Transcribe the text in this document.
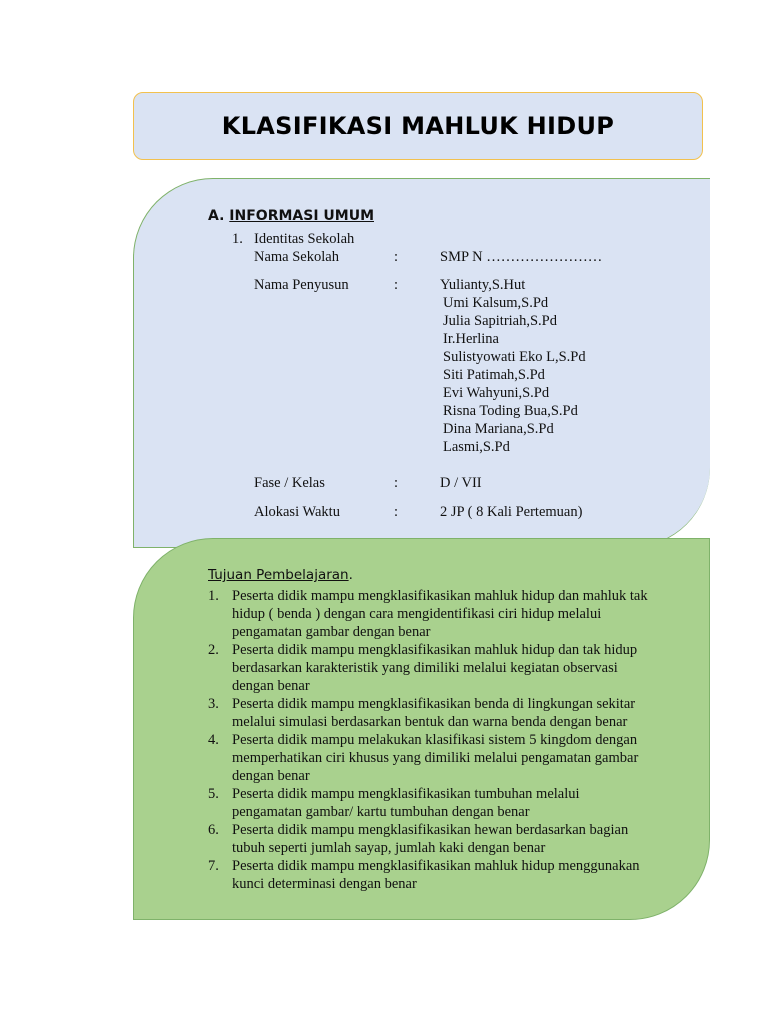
KLASIFIKASI MAHLUK HIDUP
A. INFORMASI UMUM
1. Identitas Sekolah
Nama Sekolah	:	SMP N ……………………
Nama Penyusun	:	Yulianty,S.Hut
Umi Kalsum,S.Pd
Julia Sapitriah,S.Pd
Ir.Herlina
Sulistyowati Eko L,S.Pd
Siti Patimah,S.Pd
Evi Wahyuni,S.Pd
Risna Toding Bua,S.Pd
Dina Mariana,S.Pd
Lasmi,S.Pd
Fase / Kelas	:	D / VII
Alokasi Waktu	:	2 JP ( 8 Kali Pertemuan)
Tujuan Pembelajaran.
1. Peserta didik mampu mengklasifikasikan mahluk hidup dan mahluk tak
hidup ( benda ) dengan cara mengidentifikasi ciri hidup melalui
pengamatan gambar dengan benar
2. Peserta didik mampu mengklasifikasikan mahluk hidup dan tak hidup
berdasarkan karakteristik yang dimiliki melalui kegiatan observasi
dengan benar
3. Peserta didik mampu mengklasifikasikan benda di lingkungan sekitar
melalui simulasi berdasarkan bentuk dan warna benda dengan benar
4. Peserta didik mampu melakukan klasifikasi sistem 5 kingdom dengan
memperhatikan ciri khusus yang dimiliki melalui pengamatan gambar
dengan benar
5. Peserta didik mampu mengklasifikasikan tumbuhan melalui
pengamatan gambar/ kartu tumbuhan dengan benar
6. Peserta didik mampu mengklasifikasikan hewan berdasarkan bagian
tubuh seperti jumlah sayap, jumlah kaki dengan benar
7. Peserta didik mampu mengklasifikasikan mahluk hidup menggunakan
kunci determinasi dengan benar
